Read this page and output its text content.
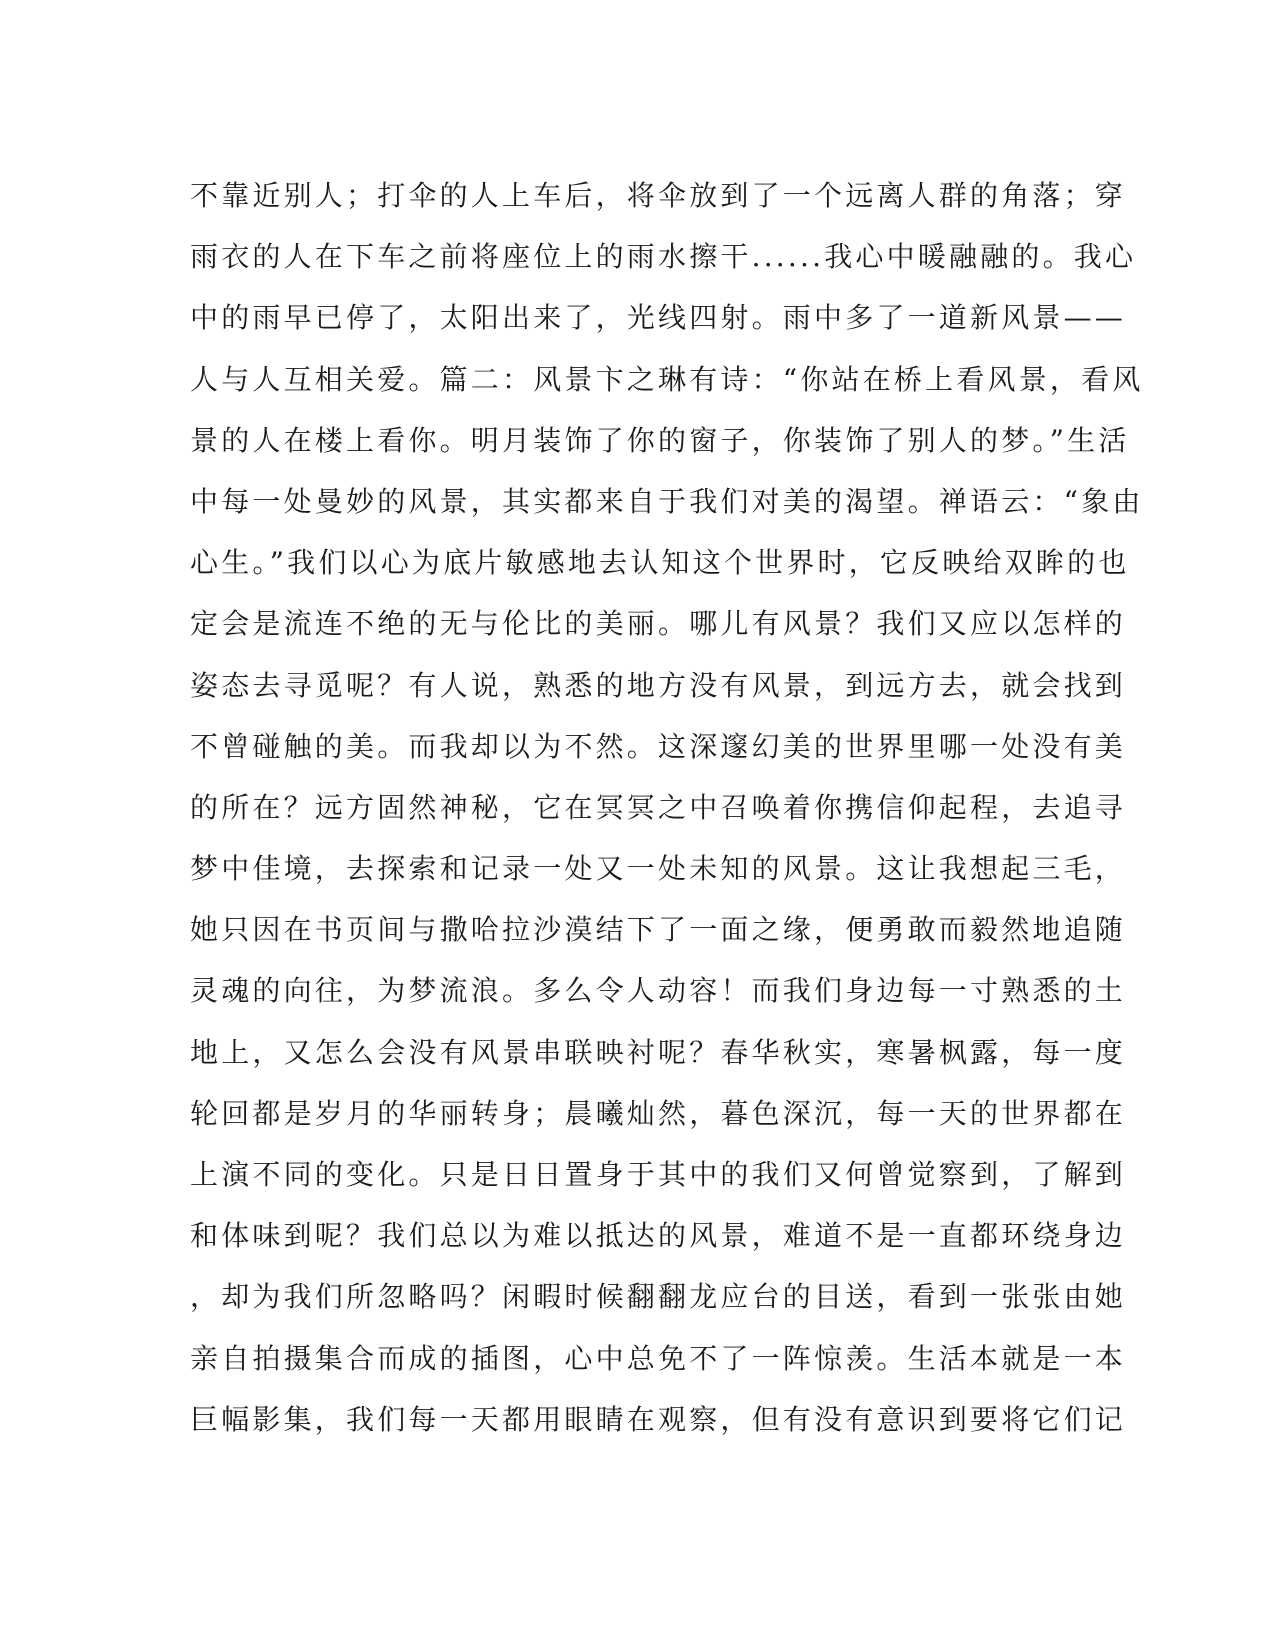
不靠近别人；打伞的人上车后，将伞放到了一个远离人群的角落；穿
雨衣的人在下车之前将座位上的雨水擦干......我心中暖融融的。我心
中的雨早已停了，太阳出来了，光线四射。雨中多了一道新风景——
人与人互相关爱。篇二：风景卞之琳有诗：“你站在桥上看风景，看风
景的人在楼上看你。明月装饰了你的窗子，你装饰了别人的梦。”生活
中每一处曼妙的风景，其实都来自于我们对美的渴望。禅语云：“象由
心生。”我们以心为底片敏感地去认知这个世界时，它反映给双眸的也
定会是流连不绝的无与伦比的美丽。哪儿有风景？我们又应以怎样的
姿态去寻觅呢？有人说，熟悉的地方没有风景，到远方去，就会找到
不曾碰触的美。而我却以为不然。这深邃幻美的世界里哪一处没有美
的所在？远方固然神秘，它在冥冥之中召唤着你携信仰起程，去追寻
梦中佳境，去探索和记录一处又一处未知的风景。这让我想起三毛，
她只因在书页间与撒哈拉沙漠结下了一面之缘，便勇敢而毅然地追随
灵魂的向往，为梦流浪。多么令人动容！而我们身边每一寸熟悉的土
地上，又怎么会没有风景串联映衬呢？春华秋实，寒暑枫露，每一度
轮回都是岁月的华丽转身；晨曦灿然，暮色深沉，每一天的世界都在
上演不同的变化。只是日日置身于其中的我们又何曾觉察到，了解到
和体味到呢？我们总以为难以抵达的风景，难道不是一直都环绕身边
，却为我们所忽略吗？闲暇时候翻翻龙应台的目送，看到一张张由她
亲自拍摄集合而成的插图，心中总免不了一阵惊羡。生活本就是一本
巨幅影集，我们每一天都用眼睛在观察，但有没有意识到要将它们记
